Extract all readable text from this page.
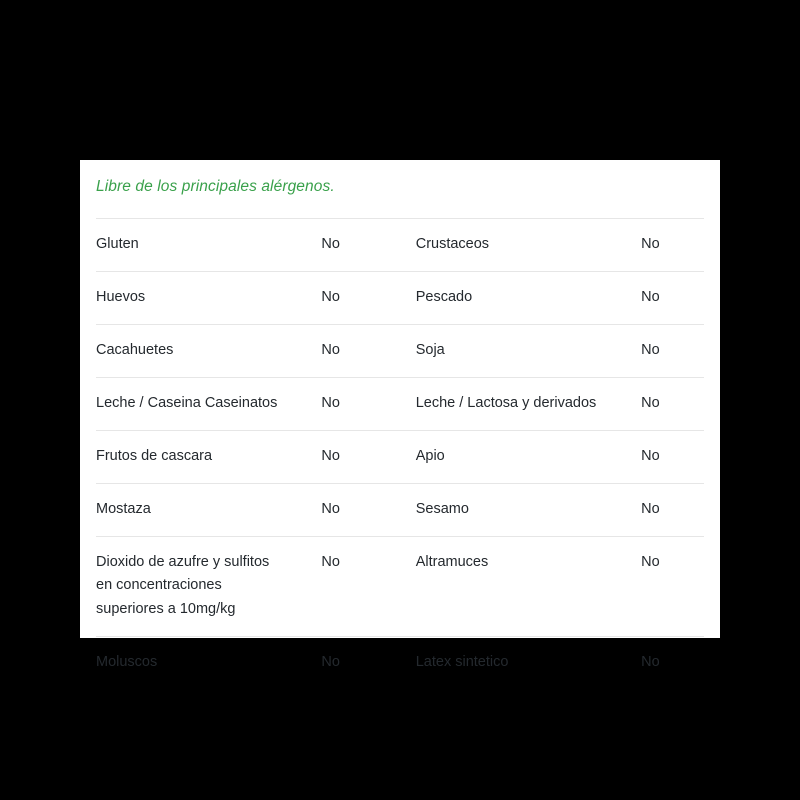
Libre de los principales alérgenos.
Gluten	No	Crustaceos	No
Huevos	No	Pescado	No
Cacahuetes	No	Soja	No
Leche / Caseina Caseinatos	No	Leche / Lactosa y derivados	No
Frutos de cascara	No	Apio	No
Mostaza	No	Sesamo	No

Dioxido de azufre y sulfitos en concentraciones superiores a 10mg/kg	No	Altramuces	No
Moluscos	No	Latex sintetico	No
